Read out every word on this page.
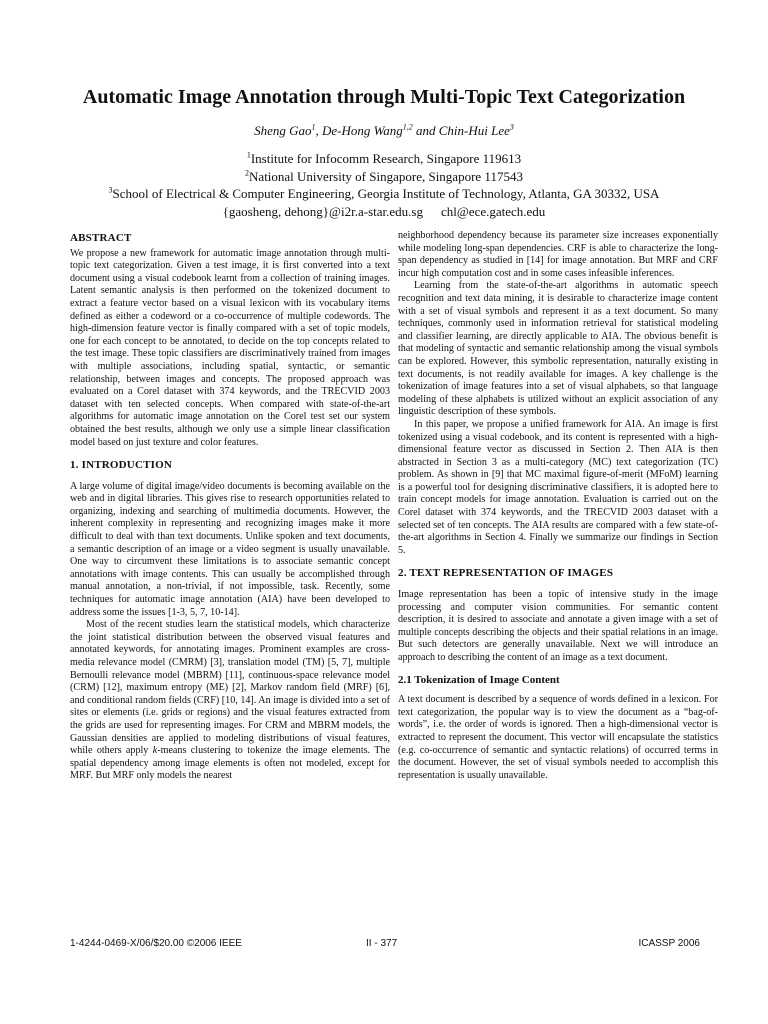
Automatic Image Annotation through Multi-Topic Text Categorization
Sheng Gao$^1$, De-Hong Wang$^{1,2}$ and Chin-Hui Lee$^3$
$^1$Institute for Infocomm Research, Singapore 119613
$^2$National University of Singapore, Singapore 117543
$^3$School of Electrical & Computer Engineering, Georgia Institute of Technology, Atlanta, GA 30332, USA
{gaosheng, dehong}@i2r.a-star.edu.sg chl@ece.gatech.edu

ABSTRACT

We propose a new framework for automatic image annotation through multi-topic text categorization. Given a test image, it is first converted into a text document using a visual codebook learnt from a collection of training images. Latent semantic analysis is then performed on the tokenized document to extract a feature vector based on a visual lexicon with its vocabulary items defined as either a codeword or a co-occurrence of multiple codewords. The high-dimension feature vector is finally compared with a set of topic models, one for each concept to be annotated, to decide on the top concepts related to the test image. These topic classifiers are discriminatively trained from images with multiple associations, including spatial, syntactic, or semantic relationship, between images and concepts. The proposed approach was evaluated on a Corel dataset with 374 keywords, and the TRECVID 2003 dataset with ten selected concepts. When compared with state-of-the-art algorithms for automatic image annotation on the Corel test set our system obtained the best results, although we only use a simple linear classification model based on just texture and color features.

1. INTRODUCTION

A large volume of digital image/video documents is becoming available on the web and in digital libraries. This gives rise to research opportunities related to organizing, indexing and searching of multimedia documents. However, the inherent complexity in representing and recognizing images make it more difficult to deal with than text documents. Unlike spoken and text documents, a semantic description of an image or a video segment is usually unavailable. One way to circumvent these limitations is to associate semantic concept annotations with image contents. This can usually be accomplished through manual annotation, a non-trivial, if not impossible, task. Recently, some techniques for automatic image annotation (AIA) have been developed to address some the issues [1-3, 5, 7, 10-14].

Most of the recent studies learn the statistical models, which characterize the joint statistical distribution between the observed visual features and annotated keywords, for annotating images. Prominent examples are cross-media relevance model (CMRM) [3], translation model (TM) [5, 7], multiple Bernoulli relevance model (MBRM) [11], continuous-space relevance model (CRM) [12], maximum entropy (ME) [2], Markov random field (MRF) [6], and conditional random fields (CRF) [10, 14]. An image is divided into a set of sites or elements (i.e. grids or regions) and the visual features extracted from the grids are used for representing images. For CRM and MBRM models, the Gaussian densities are applied to modeling distributions of visual features, while others apply k-means clustering to tokenize the image elements. The spatial dependency among image elements is often not modeled, except for MRF. But MRF only models the nearest

neighborhood dependency because its parameter size increases exponentially while modeling long-span dependencies. CRF is able to characterize the long-span dependency as studied in [14] for image annotation. But MRF and CRF incur high computation cost and in some cases infeasible inferences.

Learning from the state-of-the-art algorithms in automatic speech recognition and text data mining, it is desirable to characterize image content with a set of visual symbols and represent it as a text document. So many techniques, commonly used in information retrieval for statistical modeling and classifier learning, are directly applicable to AIA. The obvious benefit is that modeling of syntactic and semantic relationship among the visual symbols can be explored. However, this symbolic representation, naturally existing in text documents, is not readily available for images. A key challenge is the tokenization of image features into a set of visual alphabets, so that language modeling of these alphabets is utilized without an explicit association of any linguistic description of these symbols.

In this paper, we propose a unified framework for AIA. An image is first tokenized using a visual codebook, and its content is represented with a high-dimensional feature vector as discussed in Section 2. Then AIA is then abstracted in Section 3 as a multi-category (MC) text categorization (TC) problem. As shown in [9] that MC maximal figure-of-merit (MFoM) learning is a powerful tool for designing discriminative classifiers, it is adopted here to train concept models for image annotation. Evaluation is carried out on the Corel dataset with 374 keywords, and the TRECVID 2003 dataset with a selected set of ten concepts. The AIA results are compared with a few state-of-the-art algorithms in Section 4. Finally we summarize our findings in Section 5.

2. TEXT REPRESENTATION OF IMAGES

Image representation has been a topic of intensive study in the image processing and computer vision communities. For semantic content description, it is desired to associate and annotate a given image with a set of multiple concepts describing the objects and their spatial relations in an image. But such detectors are generally unavailable. Next we will introduce an approach to describing the content of an image as a text document.

2.1 Tokenization of Image Content

A text document is described by a sequence of words defined in a lexicon. For text categorization, the popular way is to view the document as a “bag-of-words”, i.e. the order of words is ignored. Then a high-dimensional vector is extracted to represent the document. This vector will encapsulate the statistics (e.g. co-occurrence of semantic and syntactic relations) of occurred terms in the document. However, the set of visual symbols needed to accomplish this representation is usually unavailable.

1-4244-0469-X/06/$20.00 ©2006 IEEE	II - 377	ICASSP 2006
